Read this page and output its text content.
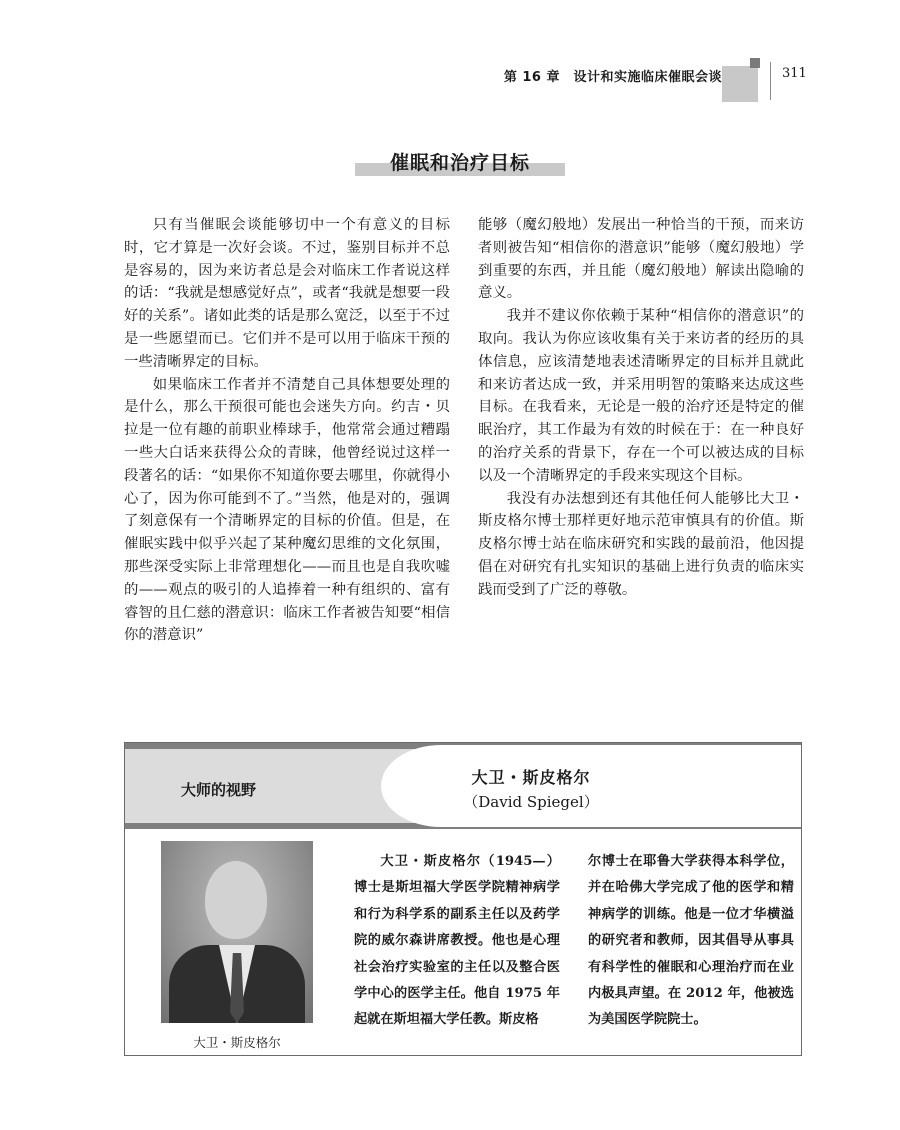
第 16 章　设计和实施临床催眠会谈	311
催眠和治疗目标

只有当催眠会谈能够切中一个有意义的目标时，它才算是一次好会谈。不过，鉴别目标并不总是容易的，因为来访者总是会对临床工作者说这样的话：“我就是想感觉好点”，或者“我就是想要一段好的关系”。诸如此类的话是那么宽泛，以至于不过是一些愿望而已。它们并不是可以用于临床干预的一些清晰界定的目标。

如果临床工作者并不清楚自己具体想要处理的是什么，那么干预很可能也会迷失方向。约吉・贝拉是一位有趣的前职业棒球手，他常常会通过糟蹋一些大白话来获得公众的青睐，他曾经说过这样一段著名的话：“如果你不知道你要去哪里，你就得小心了，因为你可能到不了。”当然，他是对的，强调了刻意保有一个清晰界定的目标的价值。但是，在催眠实践中似乎兴起了某种魔幻思维的文化氛围，那些深受实际上非常理想化——而且也是自我吹嘘的——观点的吸引的人追捧着一种有组织的、富有睿智的且仁慈的潜意识：临床工作者被告知要“相信你的潜意识”

能够（魔幻般地）发展出一种恰当的干预，而来访者则被告知“相信你的潜意识”能够（魔幻般地）学到重要的东西，并且能（魔幻般地）解读出隐喻的意义。

我并不建议你依赖于某种“相信你的潜意识”的取向。我认为你应该收集有关于来访者的经历的具体信息，应该清楚地表述清晰界定的目标并且就此和来访者达成一致，并采用明智的策略来达成这些目标。在我看来，无论是一般的治疗还是特定的催眠治疗，其工作最为有效的时候在于：在一种良好的治疗关系的背景下，存在一个可以被达成的目标以及一个清晰界定的手段来实现这个目标。

我没有办法想到还有其他任何人能够比大卫・斯皮格尔博士那样更好地示范审慎具有的价值。斯皮格尔博士站在临床研究和实践的最前沿，他因提倡在对研究有扎实知识的基础上进行负责的临床实践而受到了广泛的尊敬。

大师的视野
大卫・斯皮格尔
（David Spiegel）
大卫・斯皮格尔

大卫・斯皮格尔（1945—）博士是斯坦福大学医学院精神病学和行为科学系的副系主任以及药学院的威尔森讲席教授。他也是心理社会治疗实验室的主任以及整合医学中心的医学主任。他自 1975 年起就在斯坦福大学任教。斯皮格

尔博士在耶鲁大学获得本科学位，并在哈佛大学完成了他的医学和精神病学的训练。他是一位才华横溢的研究者和教师，因其倡导从事具有科学性的催眠和心理治疗而在业内极具声望。在 2012 年，他被选为美国医学院院士。
